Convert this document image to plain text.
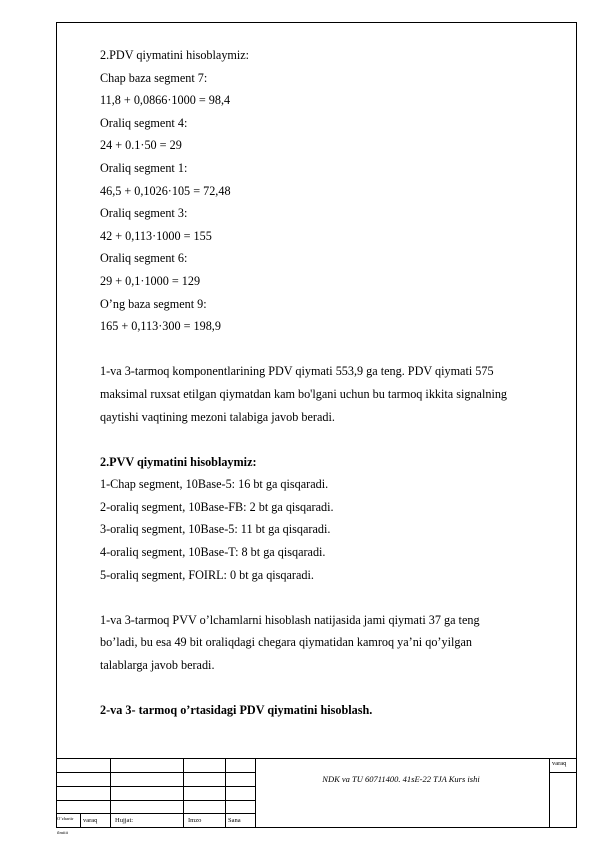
2.PDV qiymatini hisoblaymiz:
Chap baza segment 7:
11,8 + 0,0866·1000 = 98,4
Oraliq segment 4:
24 + 0.1·50 = 29
Oraliq segment 1:
46,5 + 0,1026·105 = 72,48
Oraliq segment 3:
42 + 0,113·1000 = 155
Oraliq segment 6:
29 + 0,1·1000 = 129
O’ng baza segment 9:
165 + 0,113·300 = 198,9
1-va 3-tarmoq komponentlarining PDV qiymati 553,9 ga teng. PDV qiymati 575
maksimal ruxsat etilgan qiymatdan kam bo'lgani uchun bu tarmoq ikkita signalning
qaytishi vaqtining mezoni talabiga javob beradi.
2.PVV qiymatini hisoblaymiz:
1-Chap segment, 10Base-5: 16 bt ga qisqaradi.
2-oraliq segment, 10Base-FB: 2 bt ga qisqaradi.
3-oraliq segment, 10Base-5: 11 bt ga qisqaradi.
4-oraliq segment, 10Base-T: 8 bt ga qisqaradi.
5-oraliq segment, FOIRL: 0 bt ga qisqaradi.
1-va 3-tarmoq PVV o’lchamlarni hisoblash natijasida jami qiymati 37 ga teng
bo’ladi, bu esa 49 bit oraliqdagi chegara qiymatidan kamroq ya’ni qo’yilgan
talablarga javob beradi.
2-va 3- tarmoq o’rtasidagi PDV qiymatini hisoblash.
NDK va TU 60711400. 41sE-22 TJA Kurs ishi
varaq
O’zhartir varaq	Hujjat:	Imzo	Sana
ilmiiii
